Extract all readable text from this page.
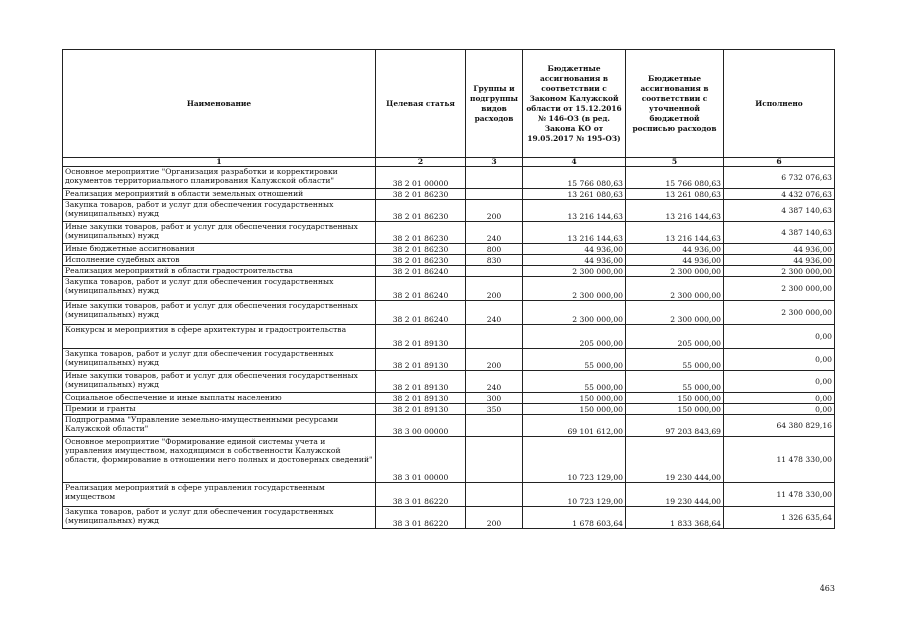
Наименование	Целевая статья	Группы и подгруппы видов расходов	Бюджетные ассигнования в соответствии с Законом Калужской области от 15.12.2016 № 146-ОЗ (в ред. Закона КО от 19.05.2017 № 195-ОЗ)	Бюджетные ассигнования в соответствии с уточненной бюджетной росписью расходов	Исполнено
1	2	3	4	5	6
Основное мероприятие "Организация разработки и корректировки документов территориального планирования Калужской области"	38 2 01 00000		15 766 080,63	15 766 080,63	6 732 076,63
Реализация мероприятий в области земельных отношений	38 2 01 86230		13 261 080,63	13 261 080,63	4 432 076,63
Закупка товаров, работ и услуг для обеспечения государственных (муниципальных) нужд	38 2 01 86230	200	13 216 144,63	13 216 144,63	4 387 140,63
Иные закупки товаров, работ и услуг для обеспечения государственных (муниципальных) нужд	38 2 01 86230	240	13 216 144,63	13 216 144,63	4 387 140,63
Иные бюджетные ассигнования	38 2 01 86230	800	44 936,00	44 936,00	44 936,00
Исполнение судебных актов	38 2 01 86230	830	44 936,00	44 936,00	44 936,00
Реализация мероприятий в области градостроительства	38 2 01 86240		2 300 000,00	2 300 000,00	2 300 000,00
Закупка товаров, работ и услуг для обеспечения государственных (муниципальных) нужд	38 2 01 86240	200	2 300 000,00	2 300 000,00	2 300 000,00
Иные закупки товаров, работ и услуг для обеспечения государственных (муниципальных) нужд	38 2 01 86240	240	2 300 000,00	2 300 000,00	2 300 000,00
Конкурсы и мероприятия в сфере архитектуры и градостроительства	38 2 01 89130		205 000,00	205 000,00	0,00
Закупка товаров, работ и услуг для обеспечения государственных (муниципальных) нужд	38 2 01 89130	200	55 000,00	55 000,00	0,00
Иные закупки товаров, работ и услуг для обеспечения государственных (муниципальных) нужд	38 2 01 89130	240	55 000,00	55 000,00	0,00
Социальное обеспечение и иные выплаты населению	38 2 01 89130	300	150 000,00	150 000,00	0,00
Премии и гранты	38 2 01 89130	350	150 000,00	150 000,00	0,00
Подпрограмма "Управление земельно-имущественными ресурсами Калужской области"	38 3 00 00000		69 101 612,00	97 203 843,69	64 380 829,16
Основное мероприятие "Формирование единой системы учета и управления имуществом, находящимся в собственности Калужской области, формирование в отношении него полных и достоверных сведений"	38 3 01 00000		10 723 129,00	19 230 444,00	11 478 330,00
Реализация мероприятий в сфере управления государственным имуществом	38 3 01 86220		10 723 129,00	19 230 444,00	11 478 330,00
Закупка товаров, работ и услуг для обеспечения государственных (муниципальных) нужд	38 3 01 86220	200	1 678 603,64	1 833 368,64	1 326 635,64
463
